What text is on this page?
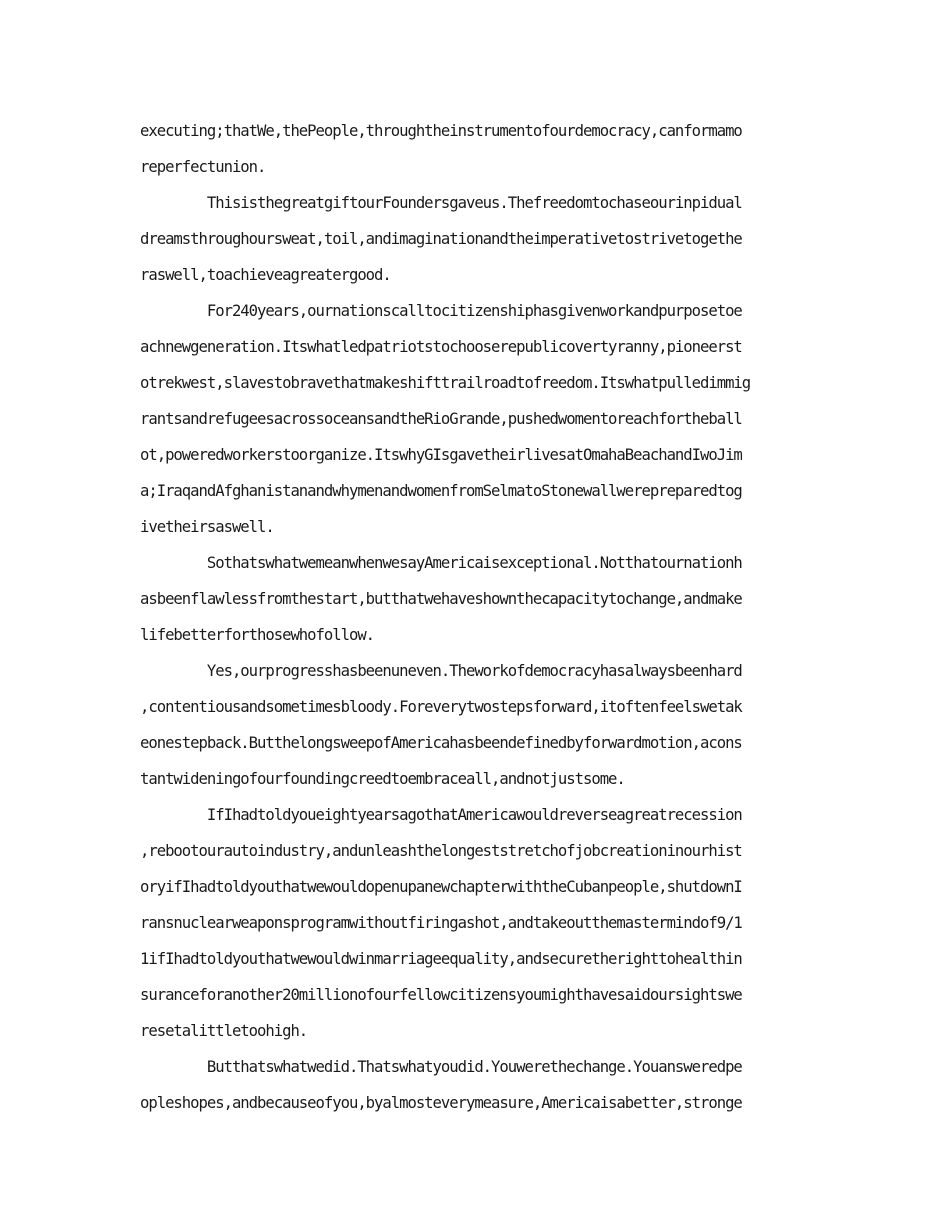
executing;thatWe,thePeople,throughtheinstrumentofourdemocracy,canformamo
reperfectunion.
ThisisthegreatgiftourFoundersgaveus.Thefreedomtochaseourinpidual
dreamsthroughoursweat,toil,andimaginationandtheimperativetostrivetogethe
raswell,toachieveagreatergood.
For240years,ournationscalltocitizenshiphasgivenworkandpurposetoe
achnewgeneration.Itswhatledpatriotstochooserepublicovertyranny,pioneerst
otrekwest,slavestobravethatmakeshifttrailroadtofreedom.Itswhatpulledimmig
rantsandrefugeesacrossoceansandtheRioGrande,pushedwomentoreachfortheball
ot,poweredworkerstoorganize.ItswhyGIsgavetheirlivesatOmahaBeachandIwoJim
a;IraqandAfghanistanandwhymenandwomenfromSelmatoStonewallwerepreparedtog
ivetheirsaswell.
SothatswhatwemeanwhenwesayAmericaisexceptional.Notthatournationh
asbeenflawlessfromthestart,butthatwehaveshownthecapacitytochange,andmake
lifebetterforthosewhofollow.
Yes,ourprogresshasbeenuneven.Theworkofdemocracyhasalwaysbeenhard
,contentiousandsometimesbloody.Foreverytwostepsforward,itoftenfeelswetak
eonestepback.ButthelongsweepofAmericahasbeendefinedbyforwardmotion,acons
tantwideningofourfoundingcreedtoembraceall,andnotjustsome.
IfIhadtoldyoueightyearsagothatAmericawouldreverseagreatrecession
,rebootourautoindustry,andunleashthelongeststretchofjobcreationinourhist
oryifIhadtoldyouthatwewouldopenupanewchapterwiththeCubanpeople,shutdownI
ransnuclearweaponsprogramwithoutfiringashot,andtakeoutthemastermindof9/1
1ifIhadtoldyouthatwewouldwinmarriageequality,andsecuretherighttohealthin
suranceforanother20millionofourfellowcitizensyoumighthavesaidoursightswe
resetalittletoohigh.
Butthatswhatwedid.Thatswhatyoudid.Youwerethechange.Youansweredpe
opleshopes,andbecauseofyou,byalmosteverymeasure,Americaisabetter,stronge
